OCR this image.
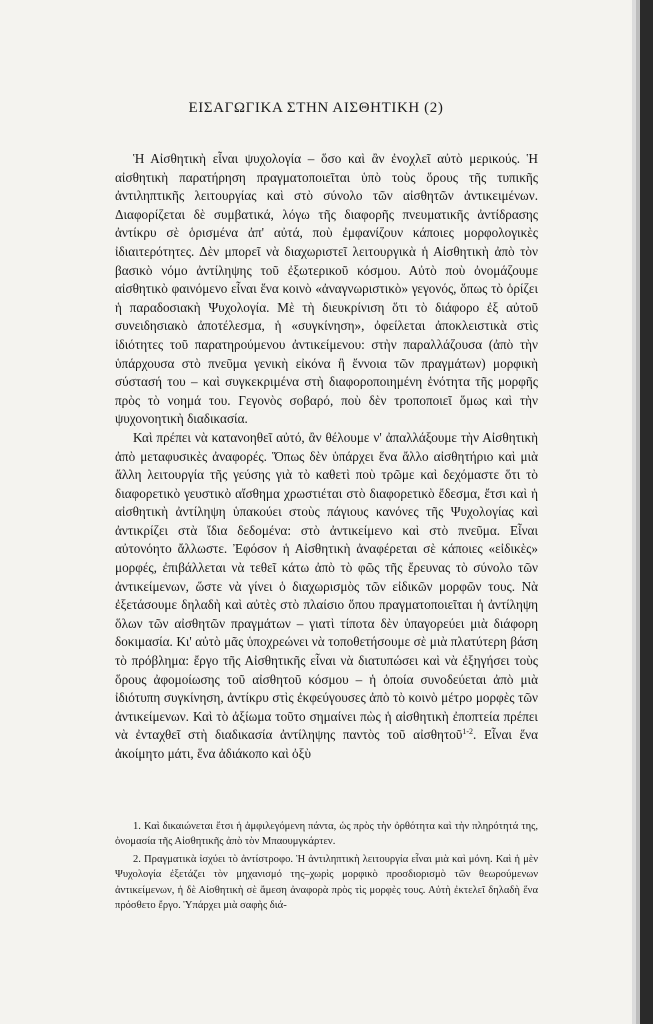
ΕΙΣΑΓΩΓΙΚΑ ΣΤΗΝ ΑΙΣΘΗΤΙΚΗ (2)

Ἡ Αἰσθητικὴ εἶναι ψυχολογία – ὅσο καὶ ἂν ἐνοχλεῖ αὐτὸ μερικούς. Ἡ αἰσθητικὴ παρατήρηση πραγματοποιεῖται ὑπὸ τοὺς ὅρους τῆς τυπικῆς ἀντιληπτικῆς λειτουργίας καὶ στὸ σύνολο τῶν αἰσθητῶν ἀντικειμένων. Διαφορίζεται δὲ συμβατικά, λόγω τῆς διαφορῆς πνευματικῆς ἀντίδρασης ἀντίκρυ σὲ ὁρισμένα ἀπ' αὐτά, ποὺ ἐμφανίζουν κάποιες μορφολογικὲς ἰδιαιτερότητες. Δὲν μπορεῖ νὰ διαχωριστεῖ λειτουργικὰ ἡ Αἰσθητικὴ ἀπὸ τὸν βασικὸ νόμο ἀντίληψης τοῦ ἐξωτερικοῦ κόσμου. Αὐτὸ ποὺ ὀνομάζουμε αἰσθητικὸ φαινόμενο εἶναι ἕνα κοινὸ «ἀναγνωριστικὸ» γεγονός, ὅπως τὸ ὁρίζει ἡ παραδοσιακὴ Ψυχολογία. Μὲ τὴ διευκρίνιση ὅτι τὸ διάφορο ἐξ αὐτοῦ συνειδησιακὸ ἀποτέλεσμα, ἡ «συγκίνηση», ὀφείλεται ἀποκλειστικὰ στὶς ἰδιότητες τοῦ παρατηρούμενου ἀντικείμενου: στὴν παραλλάζουσα (ἀπὸ τὴν ὑπάρχουσα στὸ πνεῦμα γενικὴ εἰκόνα ἢ ἔννοια τῶν πραγμάτων) μορφικὴ σύστασή του – καὶ συγκεκριμένα στὴ διαφοροποιημένη ἑνότητα τῆς μορφῆς πρὸς τὸ νοημά του. Γεγονὸς σοβαρό, ποὺ δὲν τροποποιεῖ ὅμως καὶ τὴν ψυχονοητικὴ διαδικασία.

Καὶ πρέπει νὰ κατανοηθεῖ αὐτό, ἂν θέλουμε ν' ἀπαλλάξουμε τὴν Αἰσθητικὴ ἀπὸ μεταφυσικὲς ἀναφορές. Ὅπως δὲν ὑπάρχει ἕνα ἄλλο αἰσθητήριο καὶ μιὰ ἄλλη λειτουργία τῆς γεύσης γιὰ τὸ καθετὶ ποὺ τρῶμε καὶ δεχόμαστε ὅτι τὸ διαφορετικὸ γευστικὸ αἴσθημα χρωστιέται στὸ διαφορετικὸ ἔδεσμα, ἔτσι καὶ ἡ αἰσθητικὴ ἀντίληψη ὑπακούει στοὺς πάγιους κανόνες τῆς Ψυχολογίας καὶ ἀντικρίζει στὰ ἴδια δεδομένα: στὸ ἀντικείμενο καὶ στὸ πνεῦμα. Εἶναι αὐτονόητο ἄλλωστε. Ἐφόσον ἡ Αἰσθητικὴ ἀναφέρεται σὲ κάποιες «εἰδικὲς» μορφές, ἐπιβάλλεται νὰ τεθεῖ κάτω ἀπὸ τὸ φῶς τῆς ἔρευνας τὸ σύνολο τῶν ἀντικείμενων, ὥστε νὰ γίνει ὁ διαχωρισμὸς τῶν εἰδικῶν μορφῶν τους. Νὰ ἐξετάσουμε δηλαδὴ καὶ αὐτὲς στὸ πλαίσιο ὅπου πραγματοποιεῖται ἡ ἀντίληψη ὅλων τῶν αἰσθητῶν πραγμάτων – γιατὶ τίποτα δὲν ὑπαγορεύει μιὰ διάφορη δοκιμασία. Κι' αὐτὸ μᾶς ὑποχρεώνει νὰ τοποθετήσουμε σὲ μιὰ πλατύτερη βάση τὸ πρόβλημα: ἔργο τῆς Αἰσθητικῆς εἶναι νὰ διατυπώσει καὶ νὰ ἐξηγήσει τοὺς ὅρους ἀφομοίωσης τοῦ αἰσθητοῦ κόσμου – ἡ ὁποία συνοδεύεται ἀπὸ μιὰ ἰδιότυπη συγκίνηση, ἀντίκρυ στὶς ἐκφεύγουσες ἀπὸ τὸ κοινὸ μέτρο μορφὲς τῶν ἀντικείμενων. Καὶ τὸ ἀξίωμα τοῦτο σημαίνει πὼς ἡ αἰσθητικὴ ἐποπτεία πρέπει νὰ ἐνταχθεῖ στὴ διαδικασία ἀντίληψης παντὸς τοῦ αἰσθητοῦ$^{1-2}$. Εἶναι ἕνα ἀκοίμητο μάτι, ἕνα ἀδιάκοπο καὶ ὀξὺ

1. Καὶ δικαιώνεται ἔτσι ἡ ἀμφιλεγόμενη πάντα, ὡς πρὸς τὴν ὀρθότητα καὶ τὴν πληρότητά της, ὀνομασία τῆς Αἰσθητικῆς ἀπὸ τὸν Μπαουμγκάρτεν.

2. Πραγματικὰ ἰσχύει τὸ ἀντίστροφο. Ἡ ἀντιληπτικὴ λειτουργία εἶναι μιὰ καὶ μόνη. Καὶ ἡ μὲν Ψυχολογία ἐξετάζει τὸν μηχανισμό της–χωρὶς μορφικὸ προσδιορισμὸ τῶν θεωρούμενων ἀντικείμενων, ἡ δὲ Αἰσθητικὴ σὲ ἄμεση ἀναφορὰ πρὸς τὶς μορφὲς τους. Αὐτὴ ἐκτελεῖ δηλαδὴ ἕνα πρόσθετο ἔργο. Ὑπάρχει μιὰ σαφὴς διά-
